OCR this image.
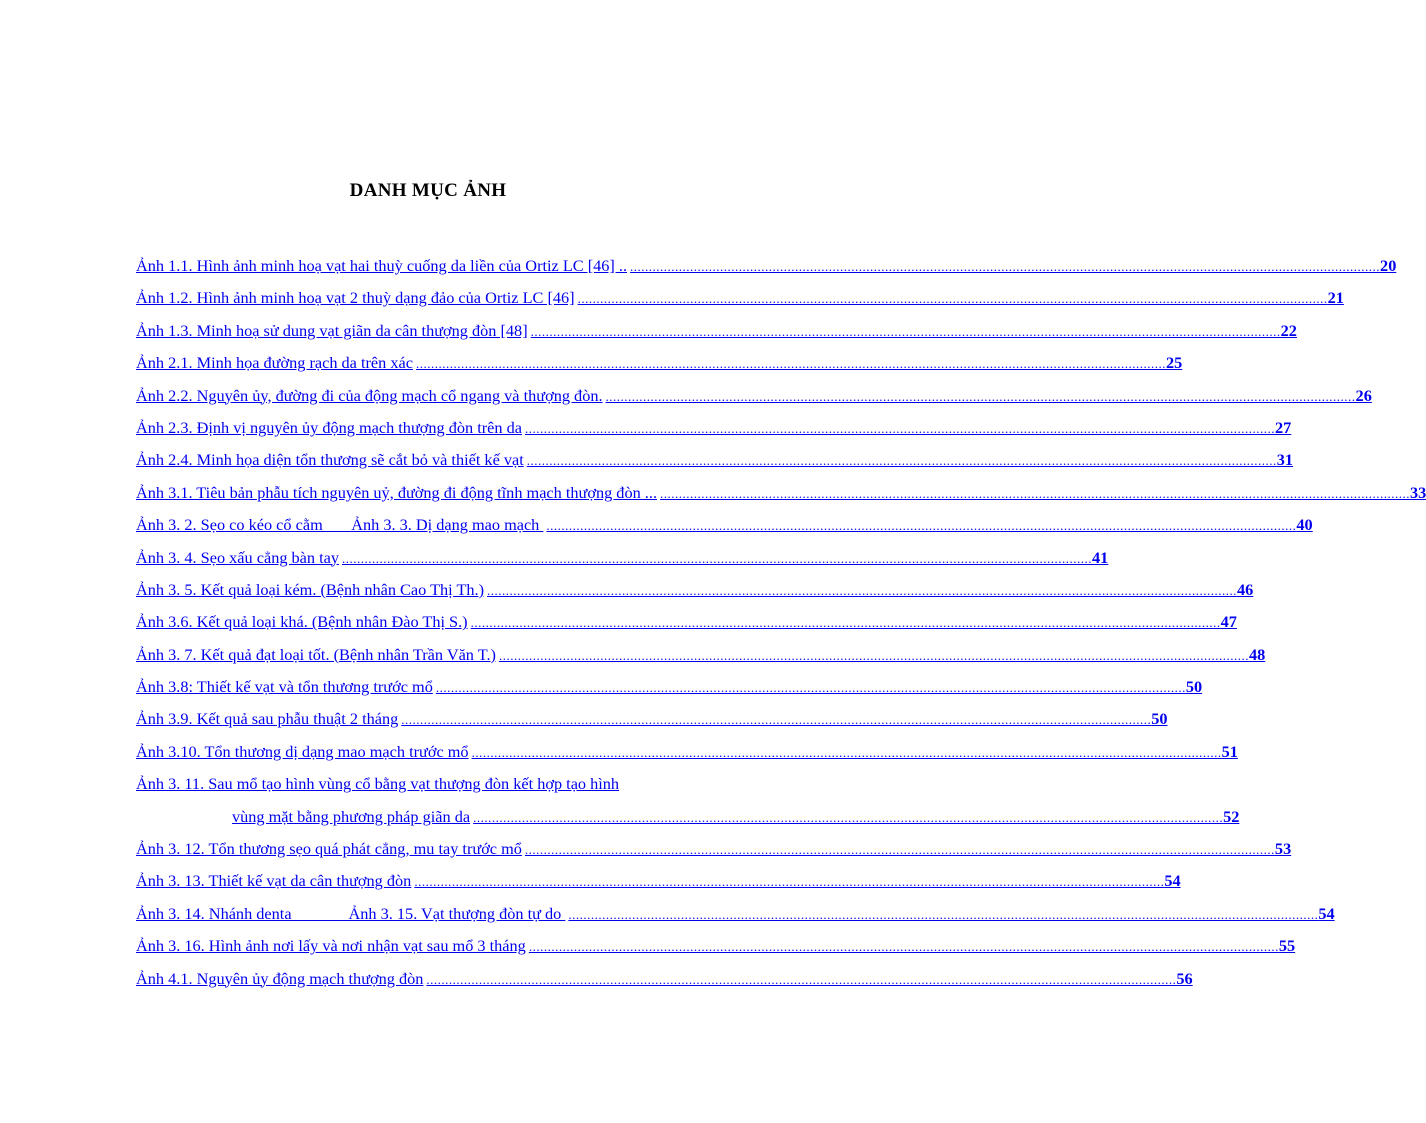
DANH MỤC ẢNH
Ảnh 1.1. Hình ảnh minh hoạ vạt hai thuỳ cuống da liền của Ortiz LC [46] .. ........................................................................................................................................................................................................ 20
Ảnh 1.2. Hình ảnh minh hoạ vạt 2 thuỳ dạng đảo của Ortiz LC [46] ........................................................................................................................................................................................................ 21
Ảnh 1.3. Minh hoạ sử dung vạt giãn da cân thượng đòn [48] ........................................................................................................................................................................................................ 22
Ảnh 2.1. Minh họa đường rạch da trên xác ........................................................................................................................................................................................................ 25
Ảnh 2.2. Nguyên ủy, đường đi của động mạch cổ ngang và thượng đòn. ........................................................................................................................................................................................................ 26
Ảnh 2.3. Định vị nguyên ủy động mạch thượng đòn trên da ........................................................................................................................................................................................................ 27
Ảnh 2.4. Minh họa diện tổn thương sẽ cắt bỏ và thiết kế vạt ........................................................................................................................................................................................................ 31
Ảnh 3.1. Tiêu bản phẫu tích nguyên uỷ, đường đi động tĩnh mạch thượng đòn ... ........................................................................................................................................................................................................ 33
Ảnh 3. 2. Sẹo co kéo cổ cằm       Ảnh 3. 3. Dị dạng mao mạch ........................................................................................................................................................................................................ 40
Ảnh 3. 4. Sẹo xấu cẳng bàn tay ........................................................................................................................................................................................................ 41
Ảnh 3. 5. Kết quả loại kém. (Bệnh nhân Cao Thị Th.) ........................................................................................................................................................................................................ 46
Ảnh 3.6. Kết quả loại khá. (Bệnh nhân Đào Thị S.) ........................................................................................................................................................................................................ 47
Ảnh 3. 7. Kết quả đạt loại tốt. (Bệnh nhân Trần Văn T.) ........................................................................................................................................................................................................ 48
Ảnh 3.8: Thiết kế vạt và tổn thương trước mổ ........................................................................................................................................................................................................ 50
Ảnh 3.9. Kết quả sau phẫu thuật 2 tháng ........................................................................................................................................................................................................ 50
Ảnh 3.10. Tổn thương dị dạng mao mạch trước mổ ........................................................................................................................................................................................................ 51
Ảnh 3. 11. Sau mổ tạo hình vùng cổ bằng vạt thượng đòn kết hợp tạo hình
vùng mặt bằng phương pháp giãn da ........................................................................................................................................................................................................ 52
Ảnh 3. 12. Tổn thương sẹo quá phát cẳng, mu tay trước mổ ........................................................................................................................................................................................................ 53
Ảnh 3. 13. Thiết kế vạt da cân thượng đòn ........................................................................................................................................................................................................ 54
Ảnh 3. 14. Nhánh denta              Ảnh 3. 15. Vạt thượng đòn tự do ........................................................................................................................................................................................................ 54
Ảnh 3. 16. Hình ảnh nơi lấy và nơi nhận vạt sau mổ 3 tháng ........................................................................................................................................................................................................ 55
Ảnh 4.1. Nguyên ủy động mạch thượng đòn ........................................................................................................................................................................................................ 56
